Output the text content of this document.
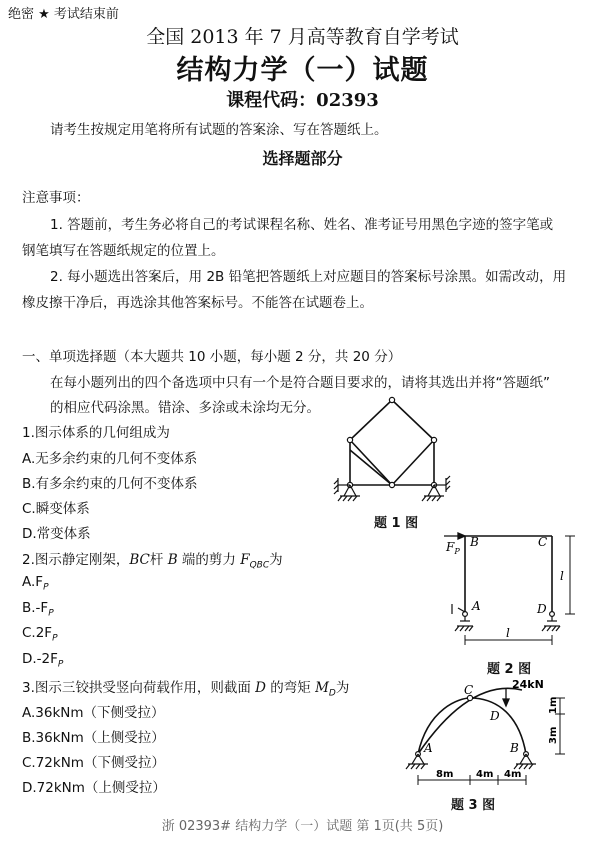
绝密 ★ 考试结束前
全国 2013 年 7 月高等教育自学考试
结构力学（一）试题
课程代码：02393
请考生按规定用笔将所有试题的答案涂、写在答题纸上。
选择题部分
注意事项：
1. 答题前，考生务必将自己的考试课程名称、姓名、准考证号用黑色字迹的签字笔或
钢笔填写在答题纸规定的位置上。
2. 每小题选出答案后，用 2B 铅笔把答题纸上对应题目的答案标号涂黑。如需改动，用
橡皮擦干净后，再选涂其他答案标号。不能答在试题卷上。
一、单项选择题（本大题共 10 小题，每小题 2 分，共 20 分）
在每小题列出的四个备选项中只有一个是符合题目要求的，请将其选出并将“答题纸”
的相应代码涂黑。错涂、多涂或未涂均无分。
1.图示体系的几何组成为
A.无多余约束的几何不变体系
B.有多余约束的几何不变体系
C.瞬变体系
D.常变体系
2.图示静定刚架，BC杆 B 端的剪力 $F_{QBC}$为
$A.F_P$
$B.-F_P$
$C.2F_P$
$D.-2F_P$
3.图示三铰拱受竖向荷载作用，则截面 D 的弯矩 $M_D$为
A.36kNm（下侧受拉）
B.36kNm（上侧受拉）
C.72kNm（下侧受拉）
D.72kNm（上侧受拉）
题 1 图
$F_P$
B	C
A	D
l
l
题 2 图
C	24kN
D
A	B
8m 4m 4m
1m
3m
题 3 图
浙 02393# 结构力学（一）试题 第 1页(共 5页)
